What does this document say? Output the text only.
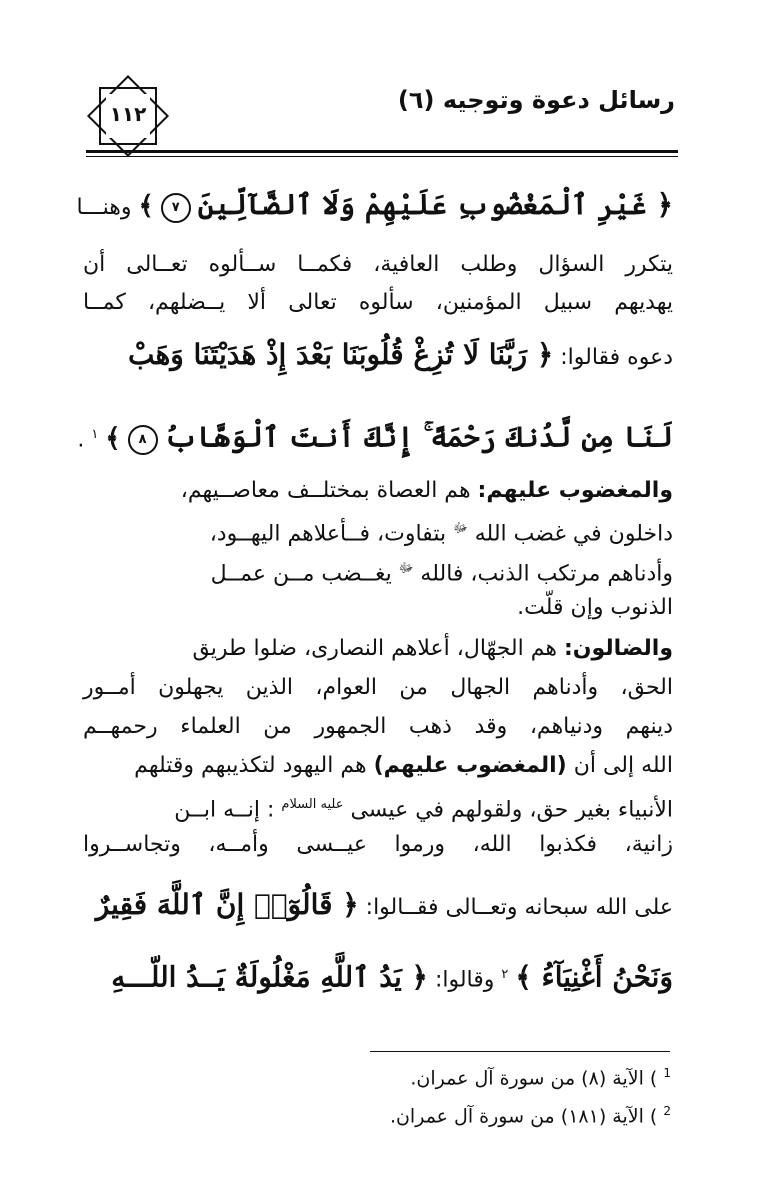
رسائل دعوة وتوجيه (٦)
١١٢
﴿ غَيْرِ ٱلْمَغْضُوبِ عَلَيْهِمْ وَلَا ٱلضَّآلِّينَ ٧ ﴾ وهنـــا
يتكرر السؤال وطلب العافية، فكمــا ســألوه تعــالى أن
يهديهم سبيل المؤمنين، سألوه تعالى ألا يــضلهم، كمــا
دعوه فقالوا: ﴿ رَبَّنَا لَا تُزِغْ قُلُوبَنَا بَعْدَ إِذْ هَدَيْتَنَا وَهَبْ
لَنَا مِن لَّدُنكَ رَحْمَةً ۚ إِنَّكَ أَنتَ ٱلْوَهَّابُ ٨ ﴾ $^١$ .
والمغضوب عليهم: هم العصاة بمختلــف معاصــيهم،
داخلون في غضب الله $^ﷻ$ بتفاوت، فــأعلاهم اليهــود،
وأدناهم مرتكب الذنب، فالله $^ﷻ$ يغــضب مــن عمــل
الذنوب وإن قلّت.
والضالون: هم الجهّال، أعلاهم النصارى، ضلوا طريق
الحق، وأدناهم الجهال من العوام، الذين يجهلون أمــور
دينهم ودنياهم، وقد ذهب الجمهور من العلماء رحمهــم
الله إلى أن (المغضوب عليهم) هم اليهود لتكذيبهم وقتلهم
الأنبياء بغير حق، ولقولهم في عيسى $^{عليه السلام}$ : إنــه ابــن
زانية، فكذبوا الله، ورموا عيــسى وأمــه، وتجاســروا
على الله سبحانه وتعــالى فقــالوا: ﴿ قَالُوٓا۟ إِنَّ ٱللَّهَ فَقِيرٌ
وَنَحْنُ أَغْنِيَآءُ ﴾ $^٢$ وقالوا: ﴿ يَدُ ٱللَّهِ مَغْلُولَةٌ يَــدُ اللّـــهِ
$^1$ ) الآية (٨) من سورة آل عمران.
$^2$ ) الآية (١٨١) من سورة آل عمران.
